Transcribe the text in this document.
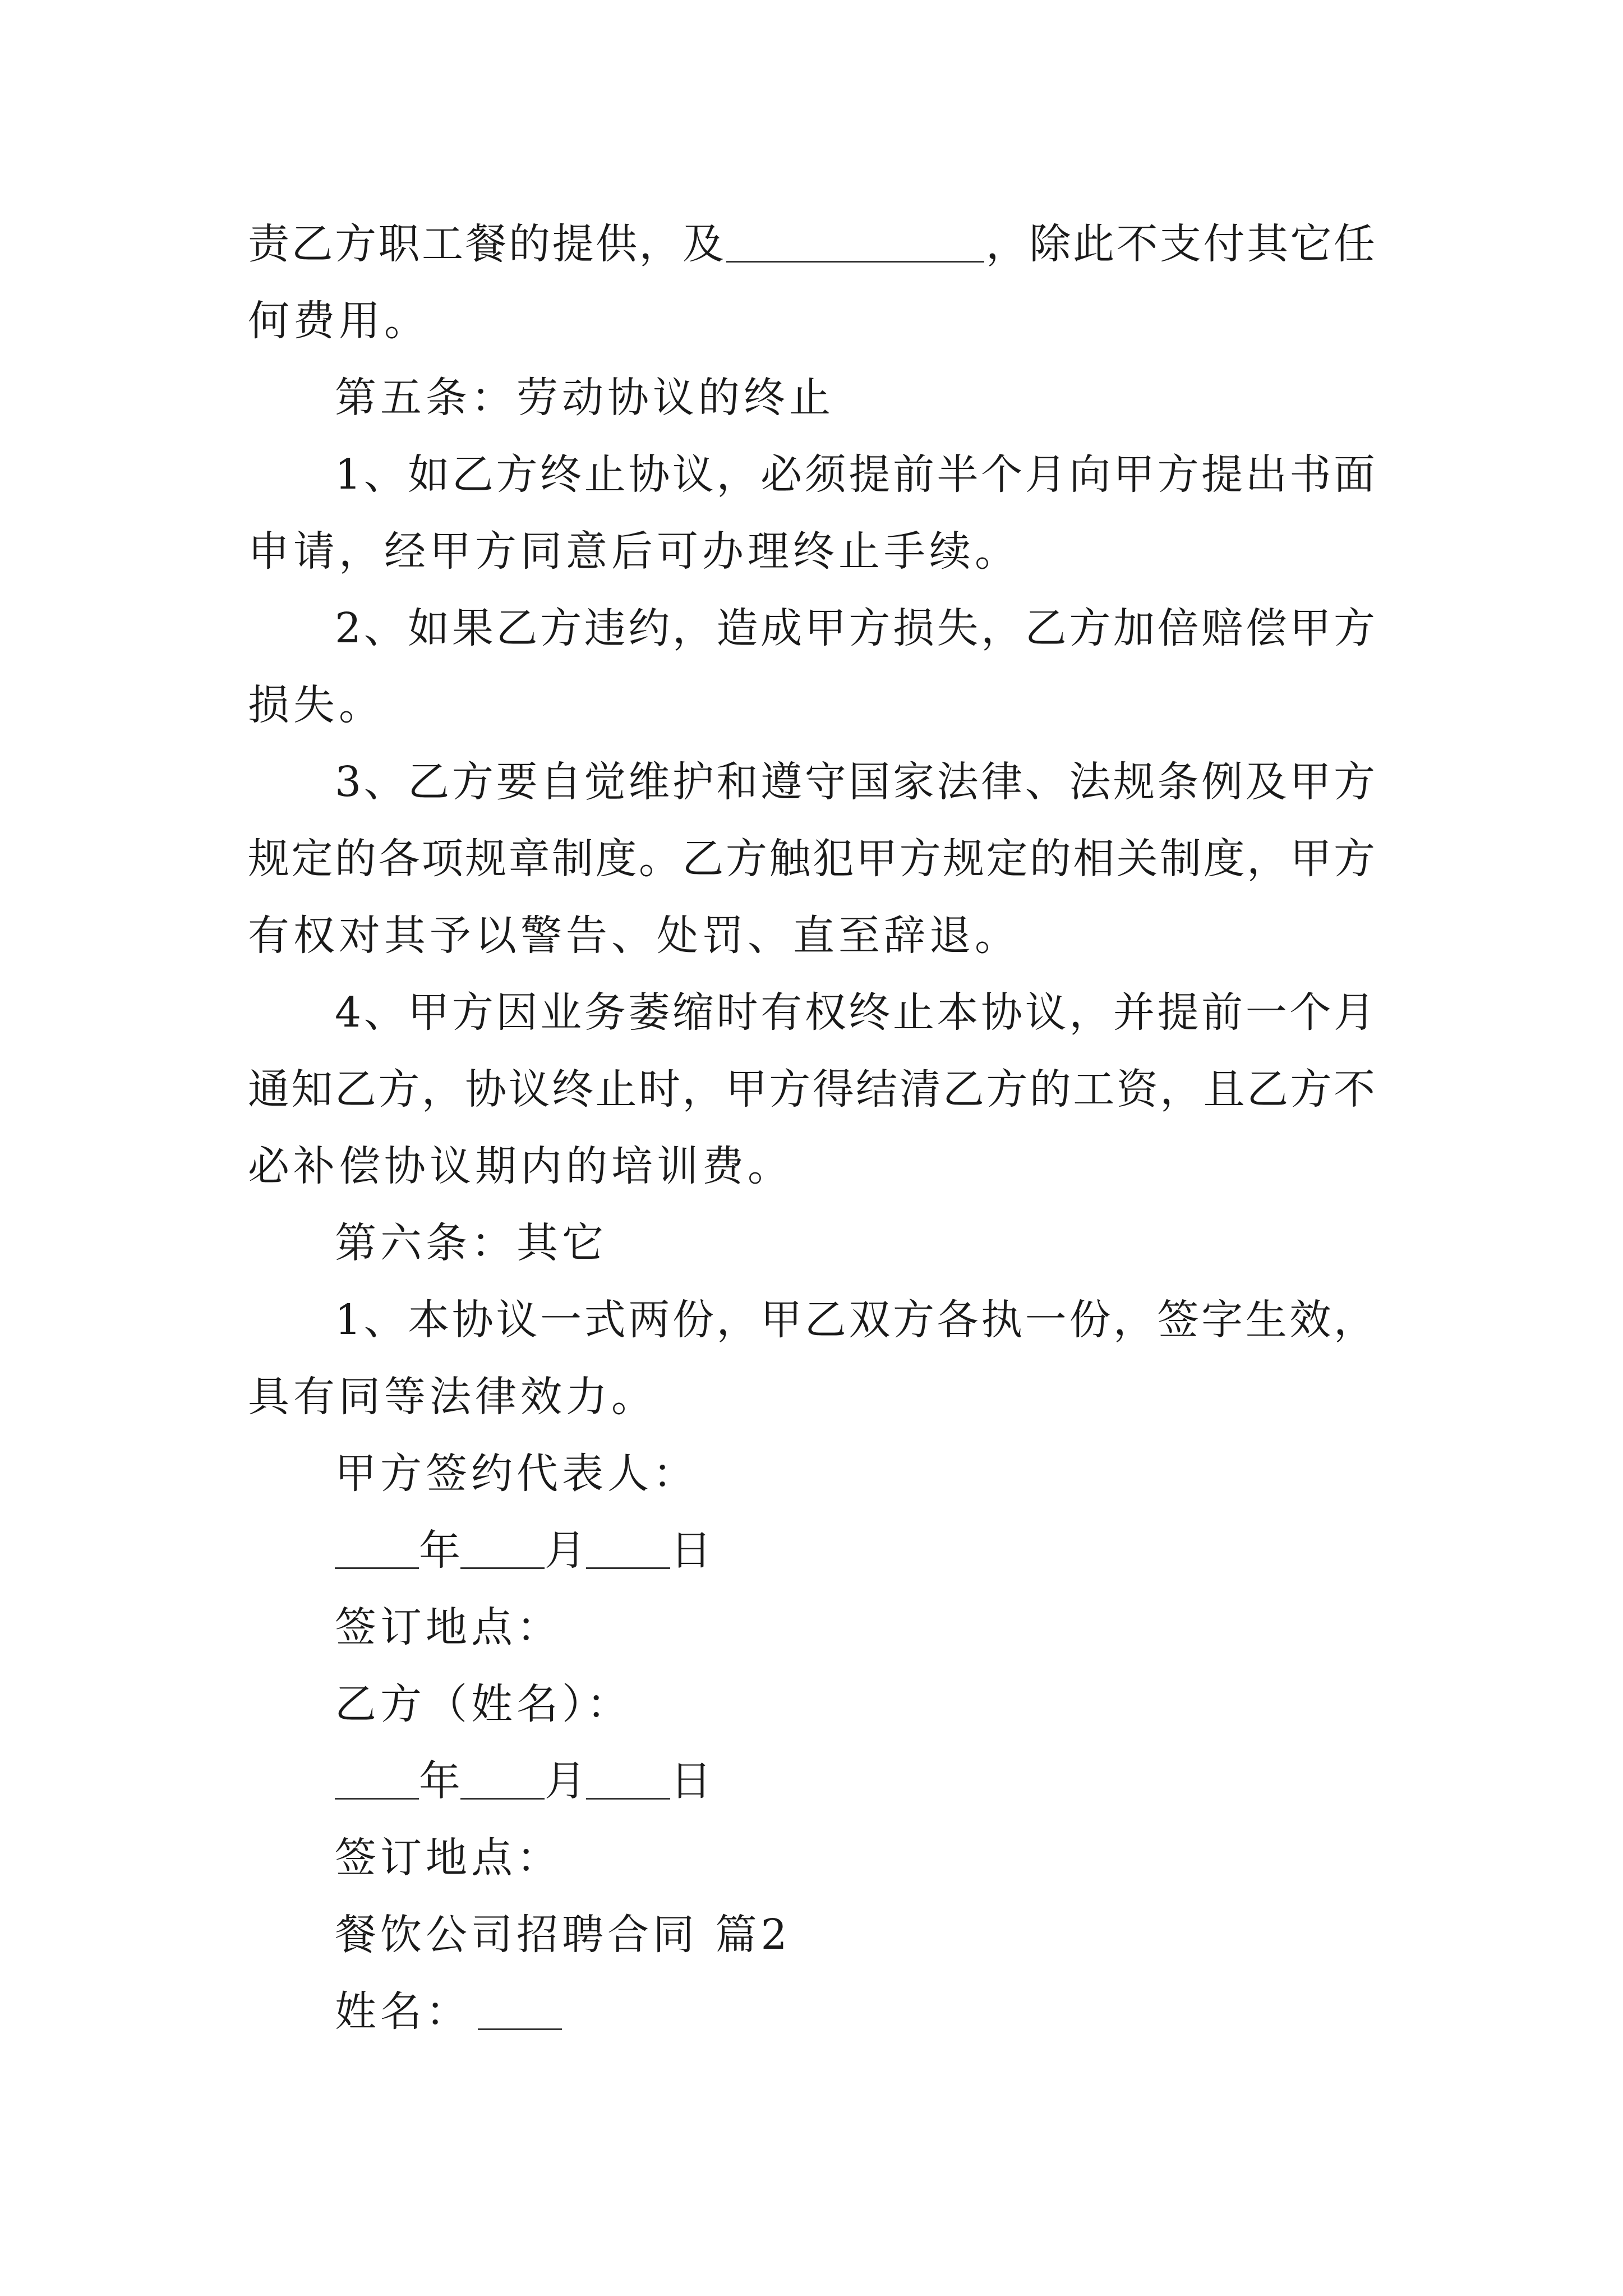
责乙方职工餐的提供，及	，除此不支付其它任
何费用。
第五条：劳动协议的终止
1、如乙方终止协议，必须提前半个月向甲方提出书面
申请，经甲方同意后可办理终止手续。
2、如果乙方违约，造成甲方损失，乙方加倍赔偿甲方
损失。
3、乙方要自觉维护和遵守国家法律、法规条例及甲方
规定的各项规章制度。乙方触犯甲方规定的相关制度，甲方
有权对其予以警告、处罚、直至辞退。
4、甲方因业务萎缩时有权终止本协议，并提前一个月
通知乙方，协议终止时，甲方得结清乙方的工资，且乙方不
必补偿协议期内的培训费。
第六条：其它
1、本协议一式两份，甲乙双方各执一份，签字生效，
具有同等法律效力。
甲方签约代表人：
年 月 日
签订地点：
乙方（姓名）：
年 月 日
签订地点：
餐饮公司招聘合同 篇2
姓名：
